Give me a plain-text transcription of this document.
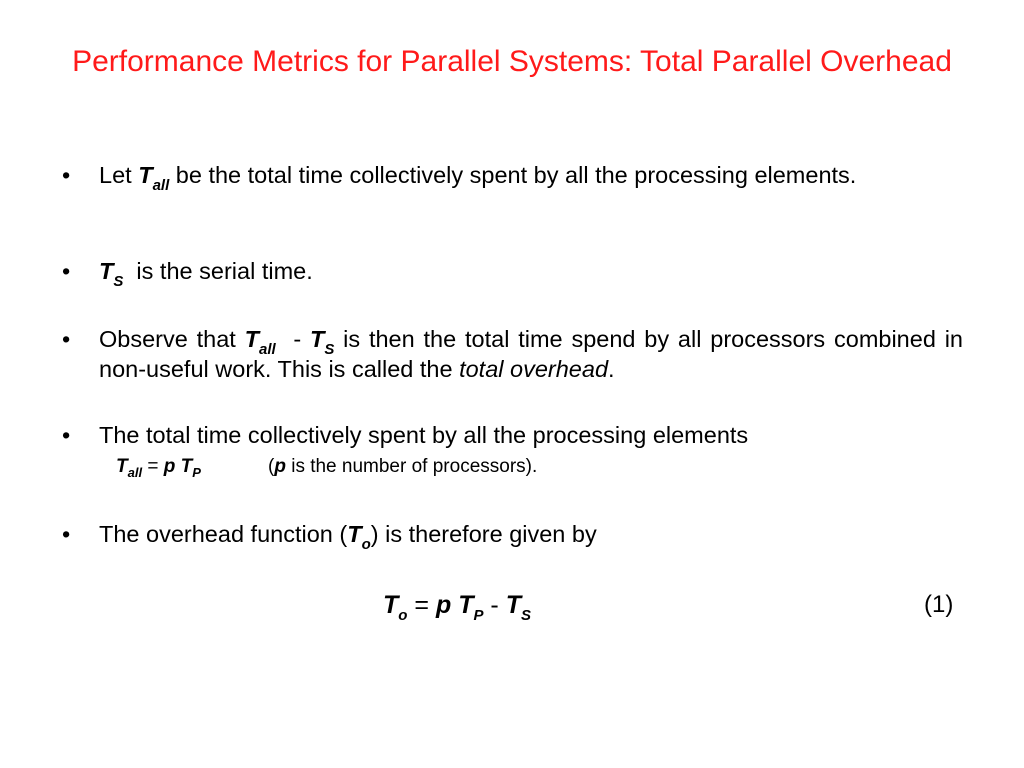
Performance Metrics for Parallel Systems: Total Parallel Overhead
• Let $T_{all}$ be the total time collectively spent by all the processing elements.
• $T_S$  is the serial time.
• Observe that $T_{all} - T_S$ is then the total time spend by all processors combined in non-useful work. This is called the total overhead.
• The total time collectively spent by all the processing elements
$T_{all} = p$ $T_P$	(p is the number of processors).
• The overhead function $(T_o)$ is therefore given by
$T_o = p$ $T_P - T_S$	(1)
